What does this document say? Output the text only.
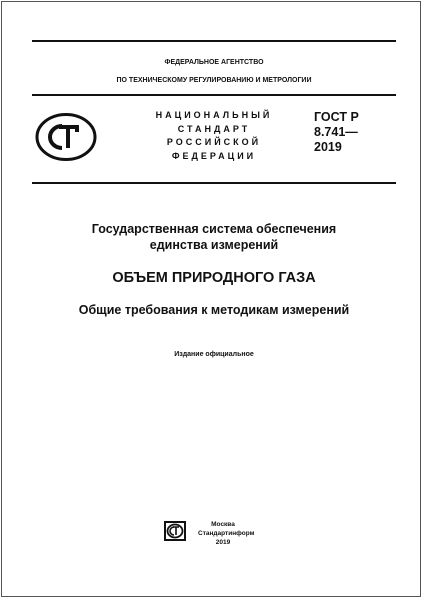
ФЕДЕРАЛЬНОЕ АГЕНТСТВО
ПО ТЕХНИЧЕСКОМУ РЕГУЛИРОВАНИЮ И МЕТРОЛОГИИ
НАЦИОНАЛЬНЫЙ
СТАНДАРТ
РОССИЙСКОЙ
ФЕДЕРАЦИИ
ГОСТ Р
8.741—
2019
Государственная система обеспечения
единства измерений
ОБЪЕМ ПРИРОДНОГО ГАЗА
Общие требования к методикам измерений
Издание официальное
Москва
Стандартинформ
2019
